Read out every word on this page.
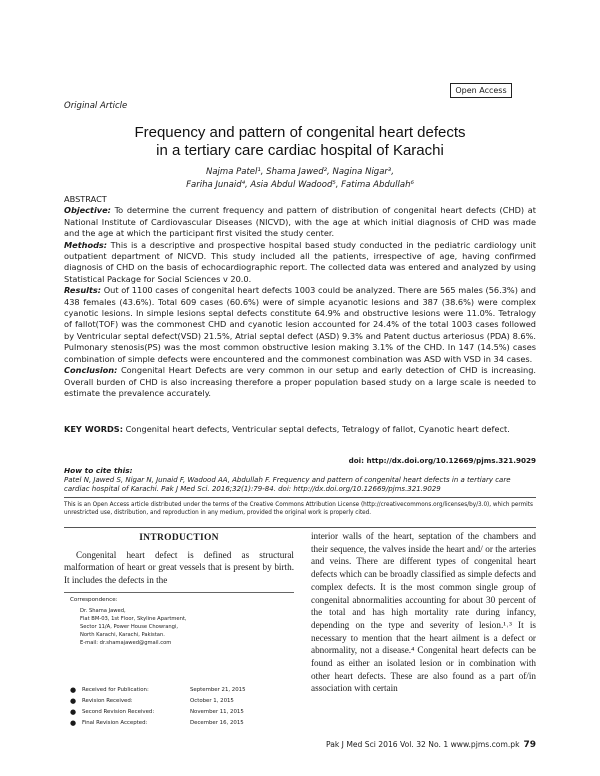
Open Access
Original Article
Frequency and pattern of congenital heart defects
in a tertiary care cardiac hospital of Karachi
Najma Patel¹, Shama Jawed², Nagina Nigar³,
Fariha Junaid⁴, Asia Abdul Wadood⁵, Fatima Abdullah⁶

ABSTRACT

Objective: To determine the current frequency and pattern of distribution of congenital heart defects (CHD) at National Institute of Cardiovascular Diseases (NICVD), with the age at which initial diagnosis of CHD was made and the age at which the participant first visited the study center.

Methods: This is a descriptive and prospective hospital based study conducted in the pediatric cardiology unit outpatient department of NICVD. This study included all the patients, irrespective of age, having confirmed diagnosis of CHD on the basis of echocardiographic report. The collected data was entered and analyzed by using Statistical Package for Social Sciences v 20.0.

Results: Out of 1100 cases of congenital heart defects 1003 could be analyzed. There are 565 males (56.3%) and 438 females (43.6%). Total 609 cases (60.6%) were of simple acyanotic lesions and 387 (38.6%) were complex cyanotic lesions. In simple lesions septal defects constitute 64.9% and obstructive lesions were 11.0%. Tetralogy of fallot(TOF) was the commonest CHD and cyanotic lesion accounted for 24.4% of the total 1003 cases followed by Ventricular septal defect(VSD) 21.5%, Atrial septal defect (ASD) 9.3% and Patent ductus arteriosus (PDA) 8.6%. Pulmonary stenosis(PS) was the most common obstructive lesion making 3.1% of the CHD. In 147 (14.5%) cases combination of simple defects were encountered and the commonest combination was ASD with VSD in 34 cases.

Conclusion: Congenital Heart Defects are very common in our setup and early detection of CHD is increasing. Overall burden of CHD is also increasing therefore a proper population based study on a large scale is needed to estimate the prevalence accurately.

KEY WORDS: Congenital heart defects, Ventricular septal defects, Tetralogy of fallot, Cyanotic heart defect.
doi: http://dx.doi.org/10.12669/pjms.321.9029
How to cite this:
Patel N, Jawed S, Nigar N, Junaid F, Wadood AA, Abdullah F. Frequency and pattern of congenital heart defects in a tertiary care cardiac hospital of Karachi. Pak J Med Sci. 2016;32(1):79-84. doi: http://dx.doi.org/10.12669/pjms.321.9029
This is an Open Access article distributed under the terms of the Creative Commons Attribution License (http://creativecommons.org/licenses/by/3.0), which permits unrestricted use, distribution, and reproduction in any medium, provided the original work is properly cited.
INTRODUCTION
Congenital heart defect is defined as structural malformation of heart or great vessels that is present by birth. It includes the defects in the
interior walls of the heart, septation of the chambers and their sequence, the valves inside the heart and/ or the arteries and veins. There are different types of congenital heart defects which can be broadly classified as simple defects and complex defects. It is the most common single group of congenital abnormalities accounting for about 30 percent of the total and has high mortality rate during infancy, depending on the type and severity of lesion.¹˒³ It is necessary to mention that the heart ailment is a defect or abnormality, not a disease.⁴ Congenital heart defects can be found as either an isolated lesion or in combination with other heart defects. These are also found as a part of/in association with certain
Correspondence:
Dr. Shama Jawed,
Flat BM-03, 1st Floor, Skyline Apartment,
Sector 11/A, Power House Chowrangi,
North Karachi, Karachi, Pakistan.
E-mail: dr.shamajawed@gmail.com
● Received for Publication:	September 21, 2015
● Revision Received:	October 1, 2015
● Second Revision Received:	November 11, 2015
● Final Revision Accepted:	December 16, 2015
Pak J Med Sci 2016 Vol. 32 No. 1 www.pjms.com.pk 79
